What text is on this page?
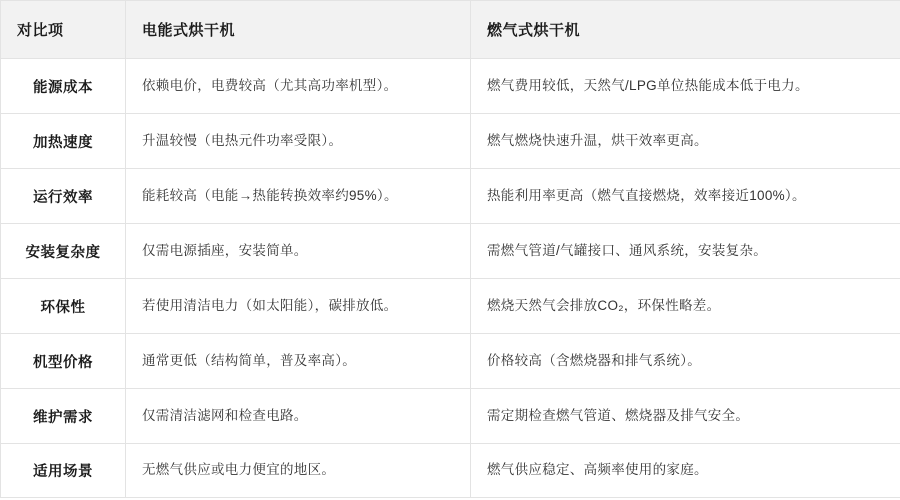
对比项	电能式烘干机	燃气式烘干机
能源成本	依赖电价，电费较高（尤其高功率机型）。	燃气费用较低，天然气/LPG单位热能成本低于电力。
加热速度	升温较慢（电热元件功率受限）。	燃气燃烧快速升温，烘干效率更高。
运行效率	能耗较高（电能→热能转换效率约95%）。	热能利用率更高（燃气直接燃烧，效率接近100%）。
安装复杂度	仅需电源插座，安装简单。	需燃气管道/气罐接口、通风系统，安装复杂。
环保性	若使用清洁电力（如太阳能），碳排放低。	燃烧天然气会排放CO₂，环保性略差。
机型价格	通常更低（结构简单，普及率高）。	价格较高（含燃烧器和排气系统）。
维护需求	仅需清洁滤网和检查电路。	需定期检查燃气管道、燃烧器及排气安全。
适用场景	无燃气供应或电力便宜的地区。	燃气供应稳定、高频率使用的家庭。
